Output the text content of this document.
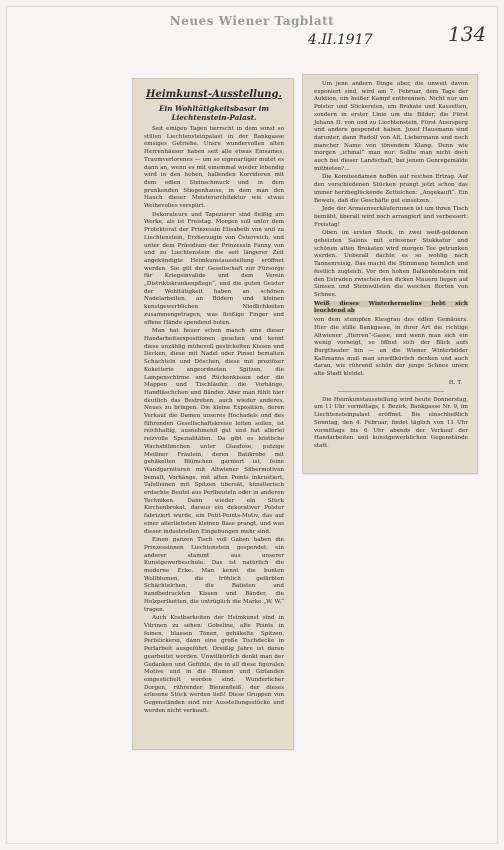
Neues Wiener Tagblatt
4.II.1917	134
Heimkunst-Ausstellung.
Ein Wohltätigkeitsbasar im Liechtenstein-Palast.

Seit einigen Tagen herrscht in dem sonst so stillen Liechtensteinpalast in der Bankgasse emsiges Getriebe. Unsre wundervollen alten Herrenhäuser haben seit alle etwas Einsames, Traumverlorenes — um so eigenartiger mutet es dann an, wenn es mit einemmal wieder lebendig wird in den hohen, hallenden Korridoren mit dem edlen Steinschmuck und in dem prunkenden Stiegenhause, in dem man den Hauch dieser Meisterarchitektur wie etwas Weihevolles verspürt.

Dekorateure und Tapezierer sind fleißig am Werke, als ist Freistag. Morgen soll unter dem Protektorat der Prinzessin Elisabeth von und zu Liechtenstein, Erzherzogin von Österreich, und unter dem Präsidium der Prinzessin Fanny von und zu Liechtenstein die seit längerer Zeit angekündigte Heimkunstausstellung eröffnet werden. Sie gilt der Gesellschaft zur Fürsorge für Kriegsinvalide und dem Verein „Distriktskrankenpflege“, und die guten Geister der Wohltätigkeit haben an schönen Nadelarbeiten, an Bildern und kleinen kunstgewerblichen Niedlichkeiten zusammengetragen, was fleißige Finger und offene Hände spendend boten.

Man hat heuer schon manch eine dieser Handarbeitsexpositionen gesehen und kennt diese unzählig mühevoll gestickelten Kissen und Decken, diese mit Nadel oder Pinsel bemalten Schachteln und Döschen, diese mit preziöser Koketterie angeordneten Spitzen, die Lampenschirme und Rückenkissen oder die Mappen und Tischläufer, die Vorhänge, Handtäschchen und Bänder. Aber man fühlt hier deutlich das Bestreben, auch wieder anderes, Neues zu bringen. Die kleine Exposition, deren Verkauf die Damen unseres Hochadels und des führenden Gesellschaftskreise leiten sollen, ist reichhaltig, ausnehmend gut und hat allerlei reizvolle Spezialitäten. Da gibt es köstliche Wachsblümchen unter Glasdose, putzige Meißner Fräulein, deren Batikrobe mit gehäkelten Blümchen garniert ist, feine Wandgarnituren mit Altwiener Silbermotiven bemalt, Vorhänge, mit alten Points inkrustiert, Tafelleinen mit Spitzen übersät, künstlerisch erdachte Beutel aus Perlbeuteln oder in anderen Techniken. Dann wieder ein Stück Kirchenbrokat, daraus ein dekorativer Polster fabriziert wurde, ein Petit-Points-Motiv, das auf einer allerliebsten kleinen Base prangt, und was dieser industriellen Eingebungen mehr sind.

Einen ganzen Tisch voll Gaben haben die Prinzessinnen Liechtenstein gespendet, ein anderer stammt aus unserer Kunstgewerbeschule. Das ist natürlich die moderne Ecke. Man kennt die bunten Wollblumen, die fröhlich gefärbten Schächtelchen, die Batisten und handbedruckten Kissen und Bänder, die Holzperlketten, die untrüglich die Marke „W. W.“ tragen.

Auch Kostbarkeiten der Heimkunst sind in Vitrinen zu sehen: Gobeline, alte Points in feinen, blassen Tönen, gehäkelte Spitzen, Perlstickerei, dann eine große Tischdecke in Perlarbeit ausgeführt. Dreißig Jahre ist daran gearbeitet worden. Unwillkürlich denkt man der Gedanken und Gefühle, die in all diese figuralen Motive und in die Blumen und Girlanden eingestichelt worden sind. Wunderlicher Dorgen, rührender Bienenfleiß, der dieses erlesene Stück werden ließ! Diese Gruppen von Gegenständen sind nur Ausstellungsstücke und werden nicht verkauft.

Um jene andern Dinge aber, die unweit davon exponiert sind, wird am 7. Februar, dem Tage der Auktion, ein heißer Kampf entbrennen. Nicht nur um Polster und Stickereien, um Brokate und Kassetten, sondern in erster Linie um die Bilder, die Fürst Johann II. von und zu Liechtenstein, Fürst Auersperg und andere gespendet haben. Josef Hausmann sind darunter, dann Rudolf von Alt, Liebermann und noch mancher Name von tönendem Klang. Denn wie morgen „ichmal“ man nur: Sollte man nicht doch auch bei dieser Landschaft, bei jenem Genregemälde mitbieten?…

Die Komiteedamen hoffen auf reichen Ertrag. Auf den verschiedenen Stücken prangt jetzt schon das immer herzbeglückende Zettelchen: „Angekauft“. Ein Beweis, daß die Geschäfte gut einsetzen.

Jede der Armeenverkäuferinnen ist um ihren Tisch bemüht, überall wird noch arrangiert und verbessert: Freistag!

Oben im ersten Stock, in zwei weiß-goldenen geheizten Salons mit erlesener Stukkatur und schönen alten Brokaten wird morgen Tee getrunken werden. Ueberall dachte es so wohlig nach Tannenreisig. Das macht die Stimmung heimlich und festlich zugleich. Vor den hohen Balkonfenstern mit den Estraden zwischen den dicken Mauern liegen auf Simsen und Steinwülsten die weichen Borten von Schnee.

Weiß dieses Winterhermelins hebt sich leuchtend ab

von dem stumpfen Kiesgrau des edlen Gemäuers. Hier die stille Bankgasse, in ihrer Art die richtige Altwiener „Herren“-Gasse, und wenn man sich ein wenig vorneigt, so öffnet sich der Blick aufs Burgtheater hin — an die Wiener Winterbilder Kaltmanns muß man unwillkürlich denken und auch daran, wie rührend schön der junge Schnee unsre alte Stadt kleidet.

H. T.

Die Heimkunstausstellung wird heute Donnerstag, um 11 Uhr vormittags, I. Bezirk, Bankgasse Nr. 9, im Liechtensteinpalast eröffnet. Bis einschließlich Sonntag, den 4. Februar, findet täglich von 11 Uhr vormittags bis 6 Uhr abends der Verkauf der Handarbeiten und kunstgewerblichen Gegenstände statt.
